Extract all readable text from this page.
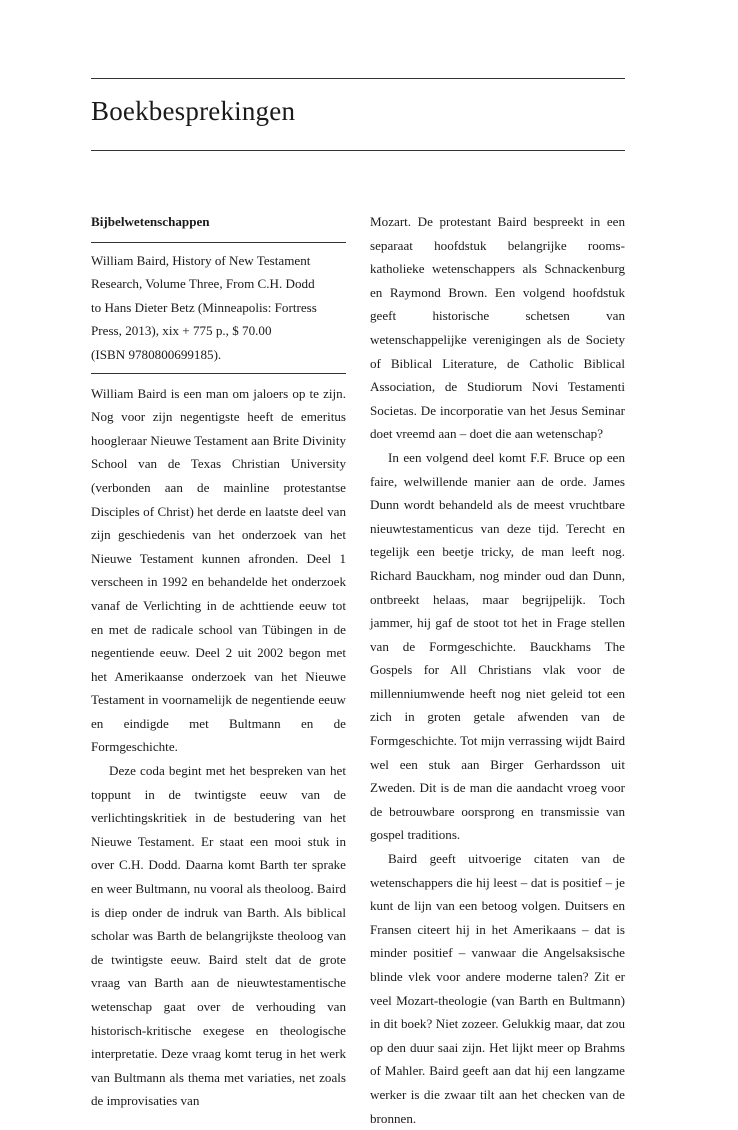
Boekbesprekingen
Bijbelwetenschappen
William Baird, History of New Testament
Research, Volume Three, From C.H. Dodd
to Hans Dieter Betz (Minneapolis: Fortress
Press, 2013), xix + 775 p., $ 70.00
(ISBN 9780800699185).

William Baird is een man om jaloers op te zijn. Nog voor zijn negentigste heeft de emeritus hoogleraar Nieuwe Testament aan Brite Divinity School van de Texas Christian University (verbonden aan de mainline protestantse Disciples of Christ) het derde en laatste deel van zijn geschiedenis van het onderzoek van het Nieuwe Testament kunnen afronden. Deel 1 verscheen in 1992 en behandelde het onderzoek vanaf de Verlichting in de achttiende eeuw tot en met de radicale school van Tübingen in de negentiende eeuw. Deel 2 uit 2002 begon met het Amerikaanse onderzoek van het Nieuwe Testament in voornamelijk de negentiende eeuw en eindigde met Bultmann en de Formgeschichte.

Deze coda begint met het bespreken van het toppunt in de twintigste eeuw van de verlichtingskritiek in de bestudering van het Nieuwe Testament. Er staat een mooi stuk in over C.H. Dodd. Daarna komt Barth ter sprake en weer Bultmann, nu vooral als theoloog. Baird is diep onder de indruk van Barth. Als biblical scholar was Barth de belangrijkste theoloog van de twintigste eeuw. Baird stelt dat de grote vraag van Barth aan de nieuwtestamentische wetenschap gaat over de verhouding van historisch-kritische exegese en theologische interpretatie. Deze vraag komt terug in het werk van Bultmann als thema met variaties, net zoals de improvisaties van

Mozart. De protestant Baird bespreekt in een separaat hoofdstuk belangrijke rooms-katholieke wetenschappers als Schnackenburg en Raymond Brown. Een volgend hoofdstuk geeft historische schetsen van wetenschappelijke verenigingen als de Society of Biblical Literature, de Catholic Biblical Association, de Studiorum Novi Testamenti Societas. De incorporatie van het Jesus Seminar doet vreemd aan – doet die aan wetenschap?

In een volgend deel komt F.F. Bruce op een faire, welwillende manier aan de orde. James Dunn wordt behandeld als de meest vruchtbare nieuwtestamenticus van deze tijd. Terecht en tegelijk een beetje tricky, de man leeft nog. Richard Bauckham, nog minder oud dan Dunn, ontbreekt helaas, maar begrijpelijk. Toch jammer, hij gaf de stoot tot het in Frage stellen van de Formgeschichte. Bauckhams The Gospels for All Christians vlak voor de millenniumwende heeft nog niet geleid tot een zich in groten getale afwenden van de Formgeschichte. Tot mijn verrassing wijdt Baird wel een stuk aan Birger Gerhardsson uit Zweden. Dit is de man die aandacht vroeg voor de betrouwbare oorsprong en transmissie van gospel traditions.

Baird geeft uitvoerige citaten van de wetenschappers die hij leest – dat is positief – je kunt de lijn van een betoog volgen. Duitsers en Fransen citeert hij in het Amerikaans – dat is minder positief – vanwaar die Angelsaksische blinde vlek voor andere moderne talen? Zit er veel Mozart-theologie (van Barth en Bultmann) in dit boek? Niet zozeer. Gelukkig maar, dat zou op den duur saai zijn. Het lijkt meer op Brahms of Mahler. Baird geeft aan dat hij een langzame werker is die zwaar tilt aan het checken van de bronnen.
